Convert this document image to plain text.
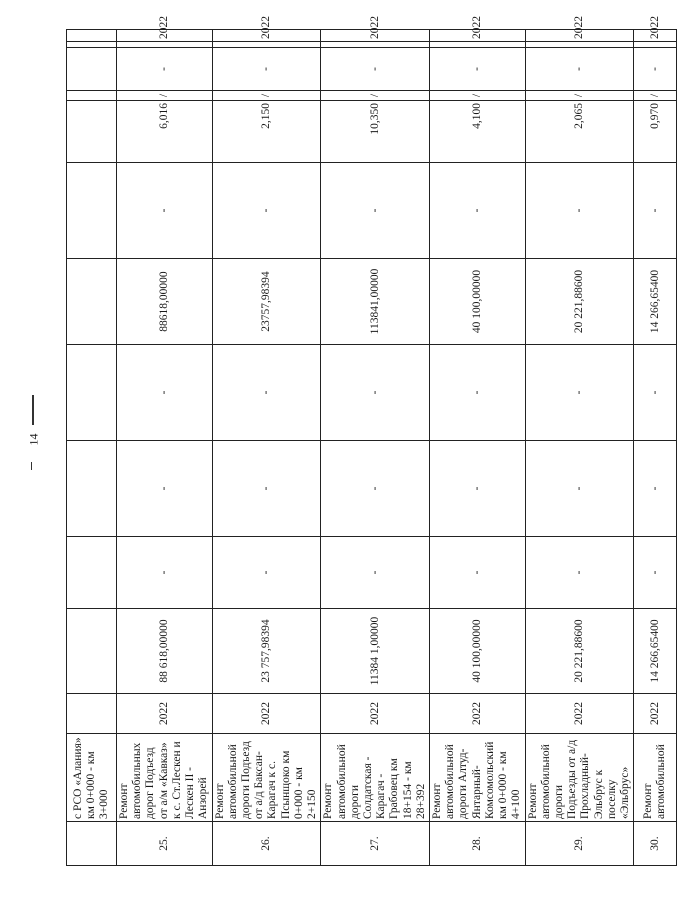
14
	с РСО «Алания» км 0+000 - км 3+000												
25.	Ремонт автомобильных дорог Подъезд от а/м «Кавказ» к с. Ст.Лескен и Лескен II - Анзорей	2022	88 618,00000	-	-	-	88618,00000	-	6,016	/	-		2022
26.	Ремонт автомобильной дороги Подъезд от а/д Баксан-Карагач к с. Псынщоко км 0+000 - км 2+150	2022	23 757,98394	-	-	-	23757,98394	-	2,150	/	-		2022
27.	Ремонт автомобильной дороги Солдатская - Карагач - Грабовец км 18+154 - км 28+392	2022	11384 1,00000	-	-	-	113841,00000	-	10,350	/	-		2022
28.	Ремонт автомобильной дороги Алтуд-Янтарный-Комсомольский км 0+000 - км 4+100	2022	40 100,00000	-	-	-	40 100,00000	-	4,100	/	-		2022
29.	Ремонт автомобильной дороги Подъезды от а/д Прохладный-Эльбрус к поселку «Эльбрус»	2022	20 221,88600	-	-	-	20 221,88600	-	2,065	/	-		2022
30.	Ремонт автомобильной	2022	14 266,65400	-	-	-	14 266,65400	-	0,970	/	-		2022
